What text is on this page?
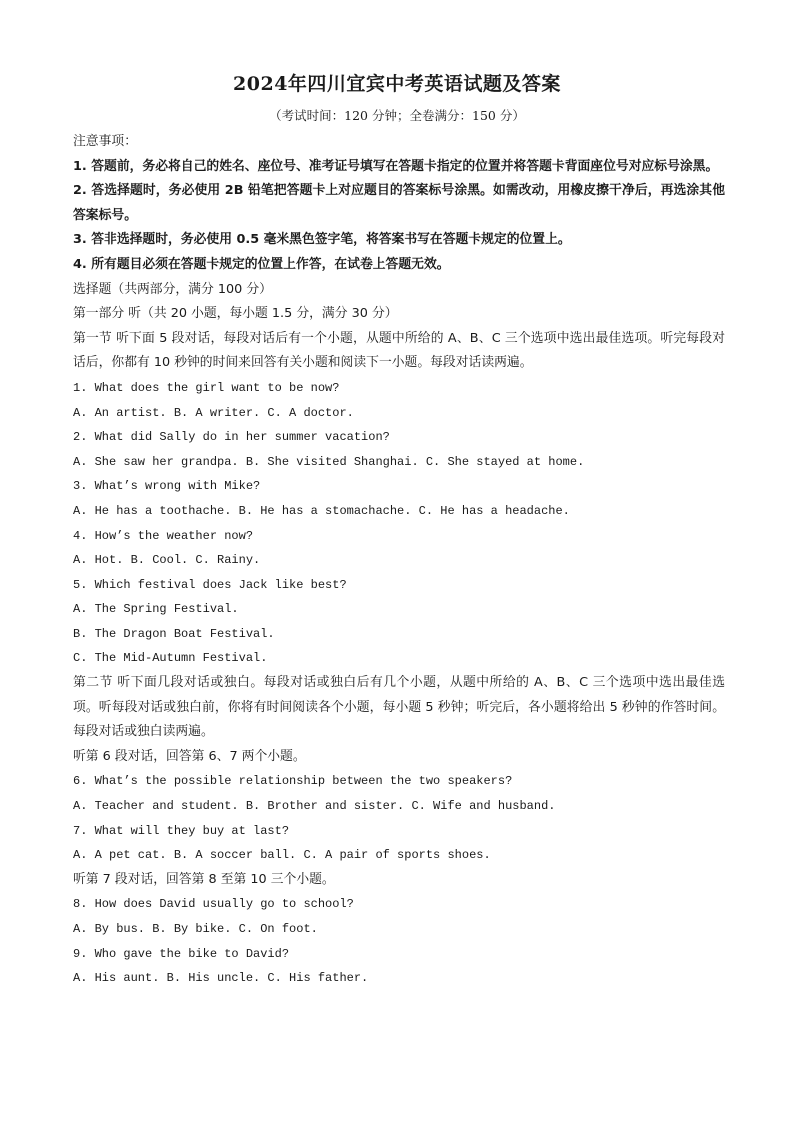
2024年四川宜宾中考英语试题及答案
（考试时间：120 分钟；全卷满分：150 分）
注意事项：
1. 答题前，务必将自己的姓名、座位号、准考证号填写在答题卡指定的位置并将答题卡背面座位号对应标号涂黑。
2. 答选择题时，务必使用 2B 铅笔把答题卡上对应题目的答案标号涂黑。如需改动，用橡皮擦干净后，再选涂其他答案标号。
3. 答非选择题时，务必使用 0.5 毫米黑色签字笔，将答案书写在答题卡规定的位置上。
4. 所有题目必须在答题卡规定的位置上作答，在试卷上答题无效。
选择题（共两部分，满分 100 分）
第一部分 听（共 20 小题，每小题 1.5 分，满分 30 分）
第一节 听下面 5 段对话，每段对话后有一个小题，从题中所给的 A、B、C 三个选项中选出最佳选项。听完每段对话后，你都有 10 秒钟的时间来回答有关小题和阅读下一小题。每段对话读两遍。
1. What does the girl want to be now?
A. An artist. B. A writer. C. A doctor.
2. What did Sally do in her summer vacation?
A. She saw her grandpa. B. She visited Shanghai. C. She stayed at home.
3. What’s wrong with Mike?
A. He has a toothache. B. He has a stomachache. C. He has a headache.
4. How’s the weather now?
A. Hot. B. Cool. C. Rainy.
5. Which festival does Jack like best?
A. The Spring Festival.
B. The Dragon Boat Festival.
C. The Mid-Autumn Festival.
第二节 听下面几段对话或独白。每段对话或独白后有几个小题，从题中所给的 A、B、C 三个选项中选出最佳选项。听每段对话或独白前，你将有时间阅读各个小题，每小题 5 秒钟；听完后，各小题将给出 5 秒钟的作答时间。每段对话或独白读两遍。
听第 6 段对话，回答第 6、7 两个小题。
6. What’s the possible relationship between the two speakers?
A. Teacher and student. B. Brother and sister. C. Wife and husband.
7. What will they buy at last?
A. A pet cat. B. A soccer ball. C. A pair of sports shoes.
听第 7 段对话，回答第 8 至第 10 三个小题。
8. How does David usually go to school?
A. By bus. B. By bike. C. On foot.
9. Who gave the bike to David?
A. His aunt. B. His uncle. C. His father.
